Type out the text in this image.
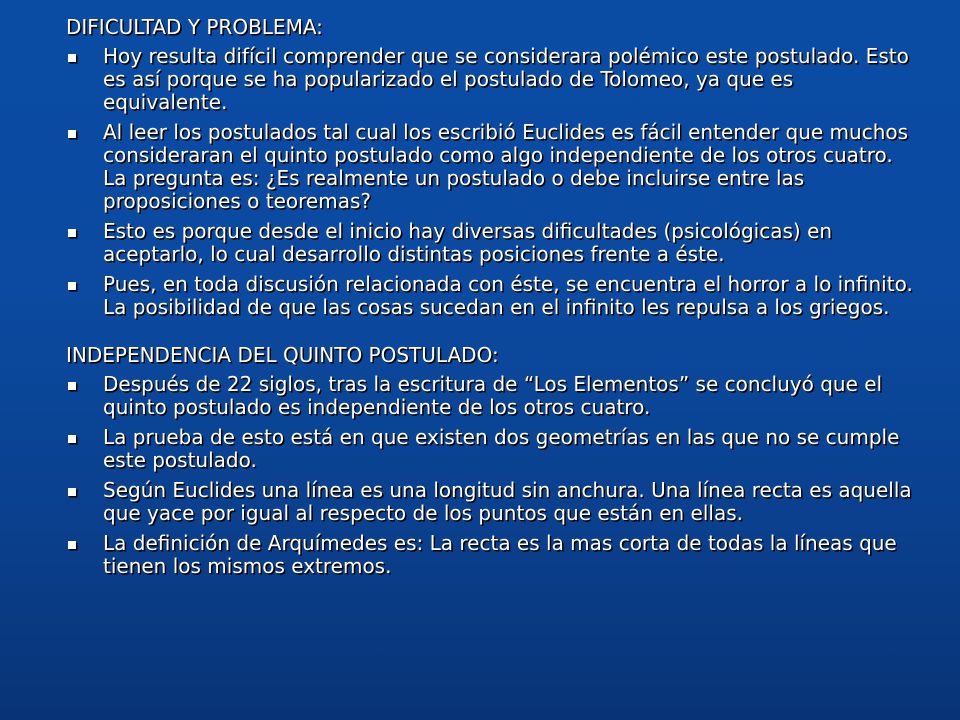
DIFICULTAD Y PROBLEMA:
Hoy resulta difícil comprender que se considerara polémico este postulado. Esto es así porque se ha popularizado el postulado de Tolomeo, ya que es equivalente.
Al leer los postulados tal cual los escribió Euclides es fácil entender que muchos consideraran el quinto postulado como algo independiente de los otros cuatro. La pregunta es: ¿Es realmente un postulado o debe incluirse entre las proposiciones o teoremas?
Esto es porque desde el inicio hay diversas dificultades (psicológicas) en aceptarlo, lo cual desarrollo distintas posiciones frente a éste.
Pues, en toda discusión relacionada con éste, se encuentra el horror a lo infinito. La posibilidad de que las cosas sucedan en el infinito les repulsa a los griegos.
INDEPENDENCIA DEL QUINTO POSTULADO:
Después de 22 siglos, tras la escritura de “Los Elementos” se concluyó que el quinto postulado es independiente de los otros cuatro.
La prueba de esto está en que existen dos geometrías en las que no se cumple este postulado.
Según Euclides una línea es una longitud sin anchura. Una línea recta es aquella que yace por igual al respecto de los puntos que están en ellas.
La definición de Arquímedes es: La recta es la mas corta de todas la líneas que tienen los mismos extremos.
